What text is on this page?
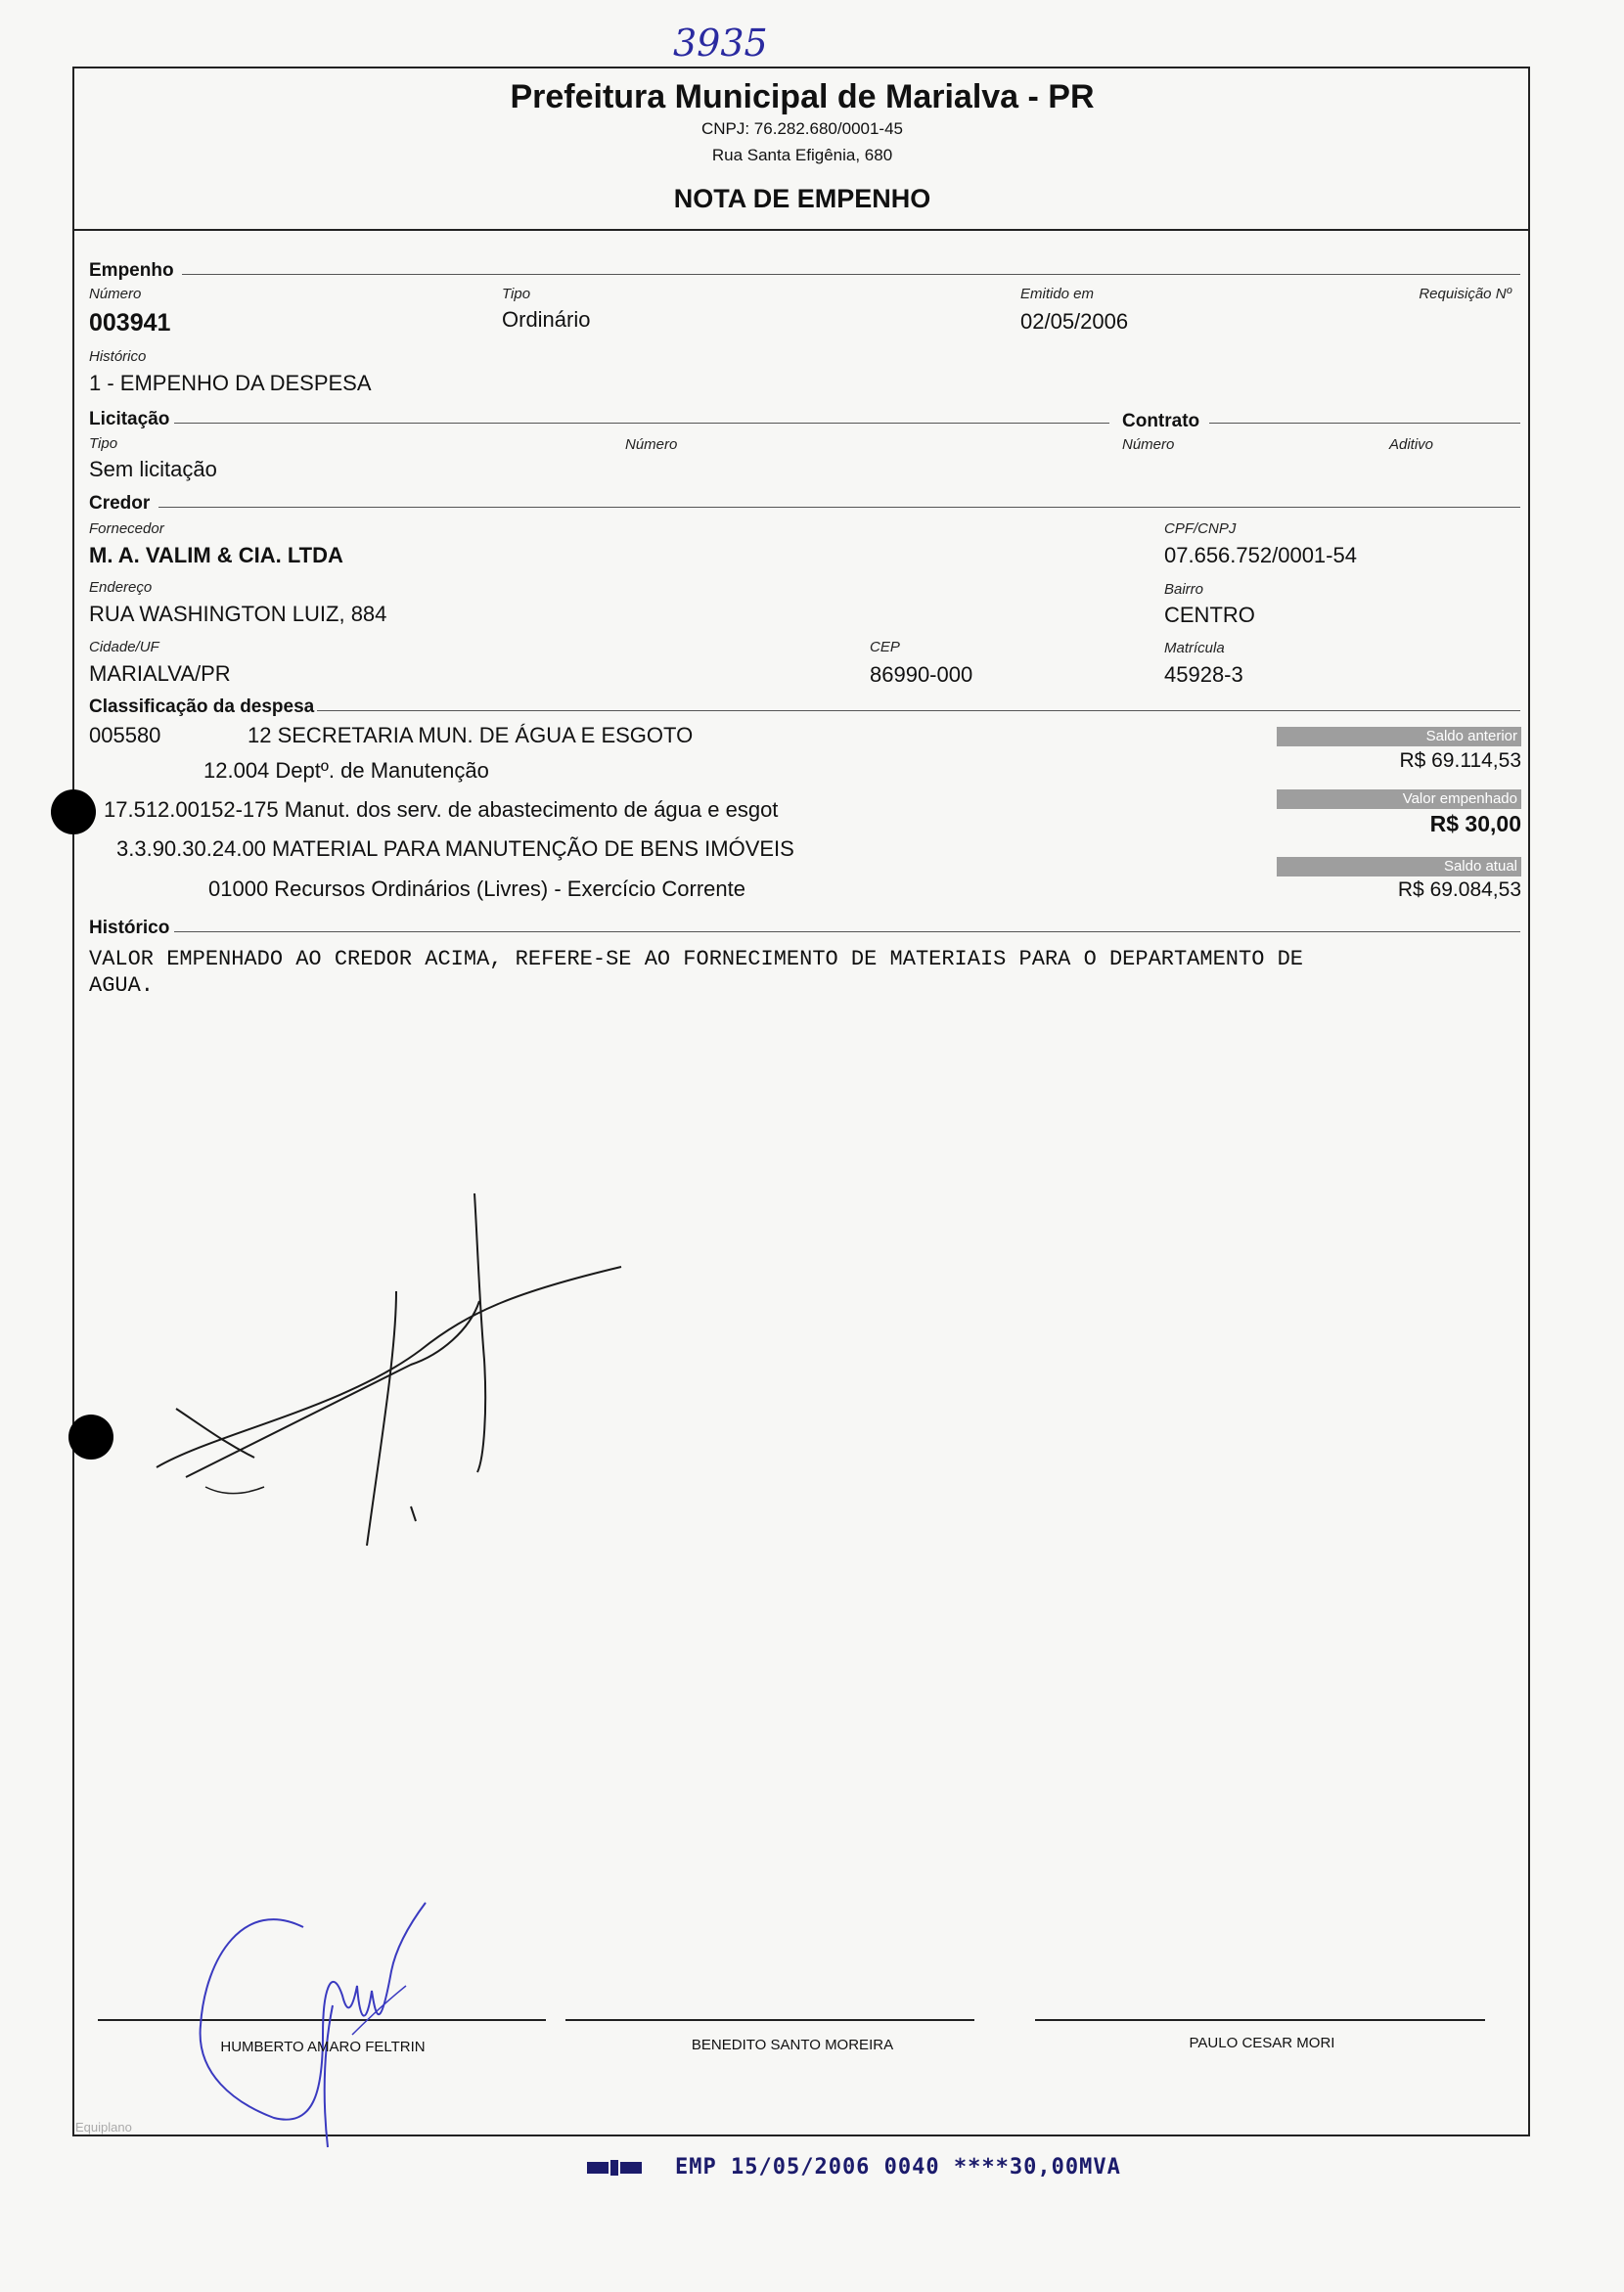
3935
Prefeitura Municipal de Marialva - PR
CNPJ: 76.282.680/0001-45
Rua Santa Efigênia, 680
NOTA DE EMPENHO
Empenho
Número
003941
Tipo
Ordinário
Emitido em
02/05/2006
Requisição Nº
Histórico
1 - EMPENHO DA DESPESA
Licitação	Contrato
Tipo
Sem licitação
Número	Número	Aditivo
Credor
Fornecedor
M. A. VALIM & CIA. LTDA
CPF/CNPJ
07.656.752/0001-54
Endereço
RUA WASHINGTON LUIZ, 884
Bairro
CENTRO
Cidade/UF
MARIALVA/PR
CEP
86990-000
Matrícula
45928-3
Classificação da despesa
005580	12 SECRETARIA MUN. DE ÁGUA E ESGOTO
12.004 Deptº. de Manutenção
17.512.00152-175 Manut. dos serv. de abastecimento de água e esgot
3.3.90.30.24.00 MATERIAL PARA MANUTENÇÃO DE BENS IMÓVEIS
01000 Recursos Ordinários (Livres) - Exercício Corrente
Saldo anterior
R$ 69.114,53
Valor empenhado
R$ 30,00
Saldo atual
R$ 69.084,53
Histórico
VALOR EMPENHADO AO CREDOR ACIMA, REFERE-SE AO FORNECIMENTO DE MATERIAIS PARA O DEPARTAMENTO DE
AGUA.
HUMBERTO AMARO FELTRIN	BENEDITO SANTO MOREIRA	PAULO CESAR MORI
Equiplano
EMP 15/05/2006 0040 ****30,00MVA
